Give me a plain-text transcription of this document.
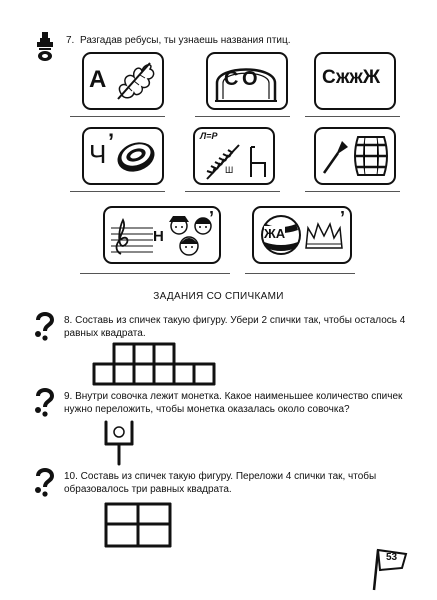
7. Разгадав ребусы, ты узнаешь названия птиц.
А	СО	СжжЖ
Ч ’	Л=Р
Ш
Н
’
ЖА
’
ЗАДАНИЯ СО СПИЧКАМИ
8. Составь из спичек такую фигуру. Убери 2 спички так, чтобы осталось 4 равных квадрата.
9. Внутри совочка лежит монетка. Какое наименьшее количество спичек нужно переложить, чтобы монетка оказалась около совочка?
10. Составь из спичек такую фигуру. Переложи 4 спички так, чтобы образовалось три равных квадрата.
53
